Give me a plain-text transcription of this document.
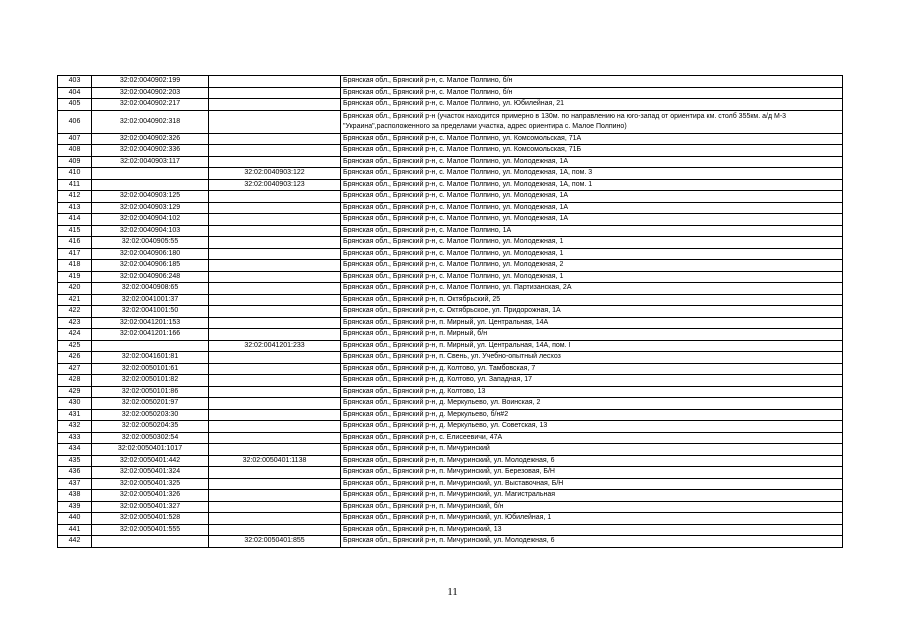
403	32:02:0040902:199		Брянская обл., Брянский р-н, с. Малое Полпино, б/н
404	32:02:0040902:203		Брянская обл., Брянский р-н, с. Малое Полпино, б/н
405	32:02:0040902:217		Брянская обл., Брянский р-н, с. Малое Полпино, ул. Юбилейная, 21
406	32:02:0040902:318		Брянская обл., Брянский р-н (участок находится примерно в 130м. по направлению на юго-запад от ориентира км. столб 355км. а/д М-3 "Украина",расположенного за пределами участка, адрес ориентира с. Малое Полпино)
407	32:02:0040902:326		Брянская обл., Брянский р-н, с. Малое Полпино, ул. Комсомольская, 71А
408	32:02:0040902:336		Брянская обл., Брянский р-н, с. Малое Полпино, ул. Комсомольская, 71Б
409	32:02:0040903:117		Брянская обл., Брянский р-н, с. Малое Полпино, ул. Молодежная, 1А
410		32:02:0040903:122	Брянская обл., Брянский р-н, с. Малое Полпино, ул. Молодежная, 1А, пом. 3
411		32:02:0040903:123	Брянская обл., Брянский р-н, с. Малое Полпино, ул. Молодежная, 1А, пом. 1
412	32:02:0040903:125		Брянская обл., Брянский р-н, с. Малое Полпино, ул. Молодежная, 1А
413	32:02:0040903:129		Брянская обл., Брянский р-н, с. Малое Полпино, ул. Молодежная, 1А
414	32:02:0040904:102		Брянская обл., Брянский р-н, с. Малое Полпино, ул. Молодежная, 1А
415	32:02:0040904:103		Брянская обл., Брянский р-н, с. Малое Полпино, 1А
416	32:02:0040905:55		Брянская обл., Брянский р-н, с. Малое Полпино, ул. Молодежная, 1
417	32:02:0040906:180		Брянская обл., Брянский р-н, с. Малое Полпино, ул. Молодежная, 1
418	32:02:0040906:185		Брянская обл., Брянский р-н, с. Малое Полпино, ул. Молодежная, 2
419	32:02:0040906:248		Брянская обл., Брянский р-н, с. Малое Полпино, ул. Молодежная, 1
420	32:02:0040908:65		Брянская обл., Брянский р-н, с. Малое Полпино, ул. Партизанская, 2А
421	32:02:0041001:37		Брянская обл., Брянский р-н, п. Октябрьский, 25
422	32:02:0041001:50		Брянская обл., Брянский р-н, с. Октябрьское, ул. Придорожная, 1А
423	32:02:0041201:153		Брянская обл., Брянский р-н, п. Мирный, ул. Центральная, 14А
424	32:02:0041201:166		Брянская обл., Брянский р-н, п. Мирный, б/н
425		32:02:0041201:233	Брянская обл., Брянский р-н, п. Мирный, ул. Центральная, 14А, пом. I
426	32:02:0041601:81		Брянская обл., Брянский р-н, п. Свень, ул. Учебно-опытный лесхоз
427	32:02:0050101:61		Брянская обл., Брянский р-н, д. Колтово, ул. Тамбовская, 7
428	32:02:0050101:82		Брянская обл., Брянский р-н, д. Колтово, ул. Западная, 17
429	32:02:0050101:86		Брянская обл., Брянский р-н, д. Колтово, 13
430	32:02:0050201:97		Брянская обл., Брянский р-н, д. Меркульево, ул. Воинская, 2
431	32:02:0050203:30		Брянская обл., Брянский р-н, д. Меркульево, б/н#2
432	32:02:0050204:35		Брянская обл., Брянский р-н, д. Меркульево, ул. Советская, 13
433	32:02:0050302:54		Брянская обл., Брянский р-н, с. Елисеевичи, 47А
434	32:02:0050401:1017		Брянская обл., Брянский р-н, п. Мичуринский
435	32:02:0050401:442	32:02:0050401:1138	Брянская обл., Брянский р-н, п. Мичуринский, ул. Молодежная, 6
436	32:02:0050401:324		Брянская обл., Брянский р-н, п. Мичуринский, ул. Березовая, Б/Н
437	32:02:0050401:325		Брянская обл., Брянский р-н, п. Мичуринский, ул. Выставочная, Б/Н
438	32:02:0050401:326		Брянская обл., Брянский р-н, п. Мичуринский, ул. Магистральная
439	32:02:0050401:327		Брянская обл., Брянский р-н, п. Мичуринский, б/н
440	32:02:0050401:528		Брянская обл., Брянский р-н, п. Мичуринский, ул. Юбилейная, 1
441	32:02:0050401:555		Брянская обл., Брянский р-н, п. Мичуринский, 13
442		32:02:0050401:855	Брянская обл., Брянский р-н, п. Мичуринский, ул. Молодежная, 6
11
